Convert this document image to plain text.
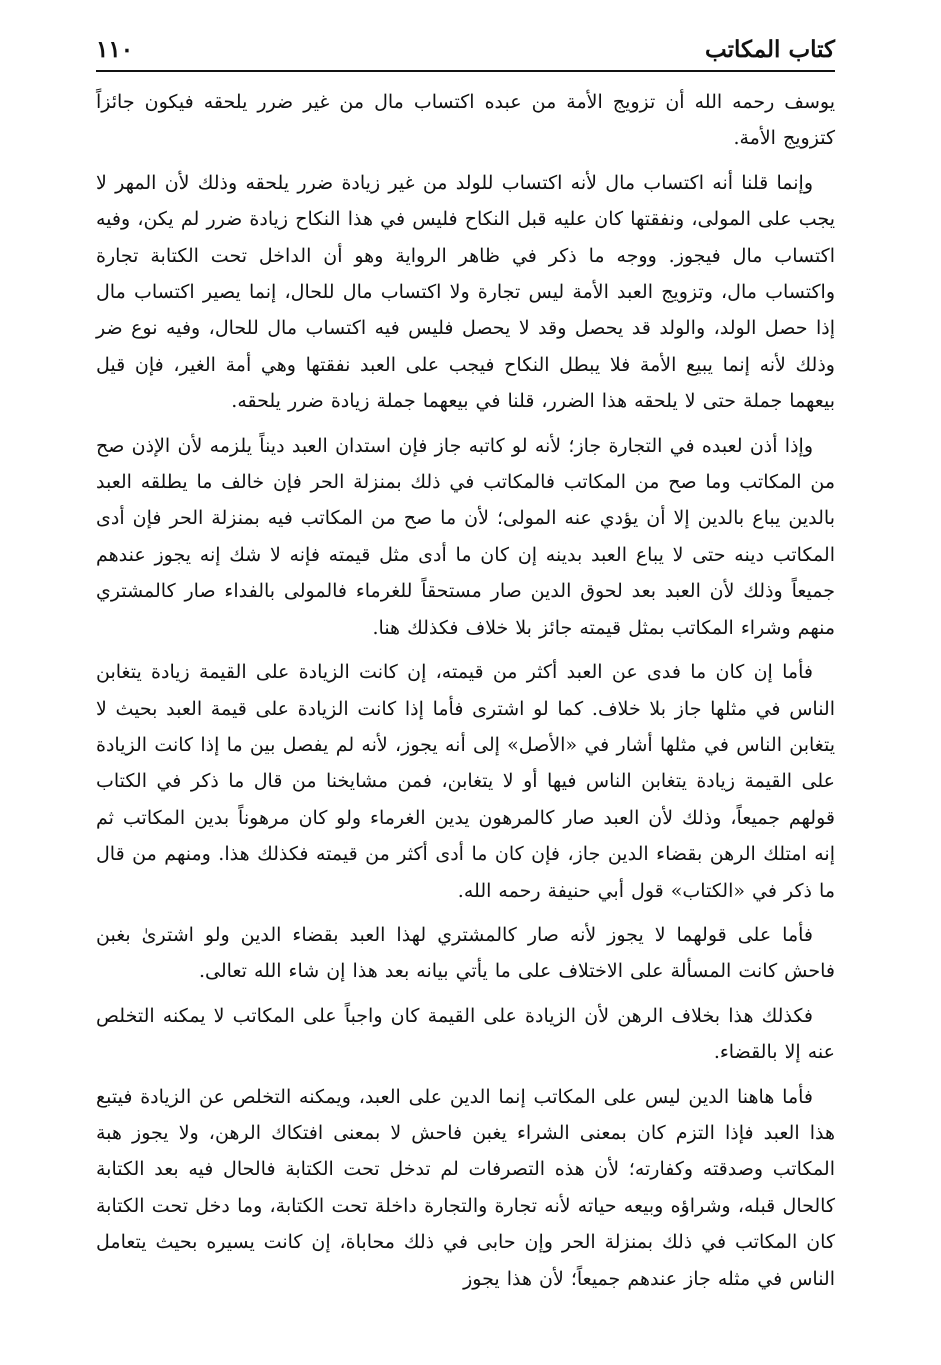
كتاب المكاتب
١١٠

يوسف رحمه الله أن تزويج الأمة من عبده اكتساب مال من غير ضرر يلحقه فيكون جائزاً كتزويج الأمة.

وإنما قلنا أنه اكتساب مال لأنه اكتساب للولد من غير زيادة ضرر يلحقه وذلك لأن المهر لا يجب على المولى، ونفقتها كان عليه قبل النكاح فليس في هذا النكاح زيادة ضرر لم يكن، وفيه اكتساب مال فيجوز. ووجه ما ذكر في ظاهر الرواية وهو أن الداخل تحت الكتابة تجارة واكتساب مال، وتزويج العبد الأمة ليس تجارة ولا اكتساب مال للحال، إنما يصير اكتساب مال إذا حصل الولد، والولد قد يحصل وقد لا يحصل فليس فيه اكتساب مال للحال، وفيه نوع ضر وذلك لأنه إنما يبيع الأمة فلا يبطل النكاح فيجب على العبد نفقتها وهي أمة الغير، فإن قيل بيعهما جملة حتى لا يلحقه هذا الضرر، قلنا في بيعهما جملة زيادة ضرر يلحقه.

وإذا أذن لعبده في التجارة جاز؛ لأنه لو كاتبه جاز فإن استدان العبد ديناً يلزمه لأن الإذن صح من المكاتب وما صح من المكاتب فالمكاتب في ذلك بمنزلة الحر فإن خالف ما يطلقه العبد بالدين يباع بالدين إلا أن يؤدي عنه المولى؛ لأن ما صح من المكاتب فيه بمنزلة الحر فإن أدى المكاتب دينه حتى لا يباع العبد بدينه إن كان ما أدى مثل قيمته فإنه لا شك إنه يجوز عندهم جميعاً وذلك لأن العبد بعد لحوق الدين صار مستحقاً للغرماء فالمولى بالفداء صار كالمشتري منهم وشراء المكاتب بمثل قيمته جائز بلا خلاف فكذلك هنا.

فأما إن كان ما فدى عن العبد أكثر من قيمته، إن كانت الزيادة على القيمة زيادة يتغابن الناس في مثلها جاز بلا خلاف. كما لو اشترى فأما إذا كانت الزيادة على قيمة العبد بحيث لا يتغابن الناس في مثلها أشار في «الأصل» إلى أنه يجوز، لأنه لم يفصل بين ما إذا كانت الزيادة على القيمة زيادة يتغابن الناس فيها أو لا يتغابن، فمن مشايخنا من قال ما ذكر في الكتاب قولهم جميعاً، وذلك لأن العبد صار كالمرهون يدين الغرماء ولو كان مرهوناً بدين المكاتب ثم إنه امتلك الرهن بقضاء الدين جاز، فإن كان ما أدى أكثر من قيمته فكذلك هذا. ومنهم من قال ما ذكر في «الكتاب» قول أبي حنيفة رحمه الله.

فأما على قولهما لا يجوز لأنه صار كالمشتري لهذا العبد بقضاء الدين ولو اشترىٰ بغبن فاحش كانت المسألة على الاختلاف على ما يأتي بيانه بعد هذا إن شاء الله تعالى.

فكذلك هذا بخلاف الرهن لأن الزيادة على القيمة كان واجباً على المكاتب لا يمكنه التخلص عنه إلا بالقضاء.

فأما هاهنا الدين ليس على المكاتب إنما الدين على العبد، ويمكنه التخلص عن الزيادة فيتبع هذا العبد فإذا التزم كان بمعنى الشراء يغبن فاحش لا بمعنى افتكاك الرهن، ولا يجوز هبة المكاتب وصدقته وكفارته؛ لأن هذه التصرفات لم تدخل تحت الكتابة فالحال فيه بعد الكتابة كالحال قبله، وشراؤه وبيعه حياته لأنه تجارة والتجارة داخلة تحت الكتابة، وما دخل تحت الكتابة كان المكاتب في ذلك بمنزلة الحر وإن حابى في ذلك محاباة، إن كانت يسيره بحيث يتعامل الناس في مثله جاز عندهم جميعاً؛ لأن هذا يجوز
